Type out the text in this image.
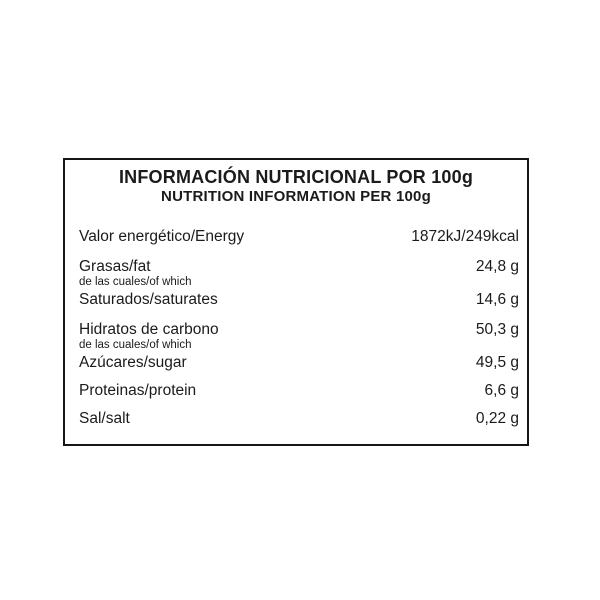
INFORMACIÓN NUTRICIONAL POR 100g
NUTRITION INFORMATION PER 100g
Valor energético/Energy	1872kJ/249kcal
Grasas/fat	24,8 g
de las cuales/of which
Saturados/saturates	14,6 g
Hidratos de carbono	50,3 g
de las cuales/of which
Azúcares/sugar	49,5 g
Proteinas/protein	6,6 g
Sal/salt	0,22 g
